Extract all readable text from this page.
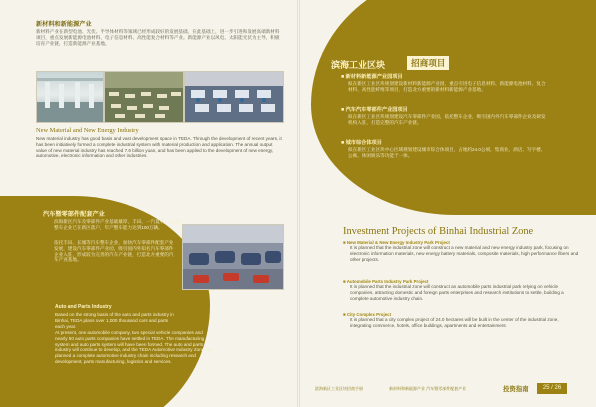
新材料和新能源产业

新材料产业在新型电池、光伏、半导体材料等领域已经形成较好的发展基础，在此基础上，进一步引进和发展高端新材料项目，重点发展新能源电池材料、电子信息材料、高性能复合材料等产业。新能源产业以风电、太阳能光伏为主导，积极培育产业链，打造新能源产业基地。

New Material and New Energy Industry

New material industry has good basis and vast development space in TEDA. Through the development of recent years, it has been initiatively formed a complete industrial system with material production and application. The annual output value of new material industry has reached 7.6 billion yuan, and has been applied to the development of new energy, automotive, electronic information and other industries.

汽车暨零部件配套产业

滨海新区汽车及零部件产业基础雄厚，丰田、一汽夏利、长城等整车企业已在新区落户，年产整车能力达到100万辆。

依托丰田、长城等汽车整车企业，加快汽车零部件配套产业发展，建设汽车零部件产业园，吸引国内外知名汽车零部件企业入驻，形成较为完善的汽车产业链，打造北方重要的汽车产业基地。

Auto and Parts Industry

Based on the strong basis of the auto and parts industry in Binhai, TEDA plans over 1,000 thousand cars and parts each year.

At present, one automobile company, two special vehicle companies and nearly 50 auto parts companies have settled in TEDA. The manufacturing system and auto parts system will have been formed. The auto and parts industry will continue to develop, and the TEDA Automotive Industry Zone has planned a complete automotive industry chain including research and development, parts manufacturing, logistics and services.

滨海工业区块	招商项目

■ 新材料新能源产业园项目

拟在新区工业区块规划建设新材料新能源产业园，重点引进电子信息材料、新能源电池材料、复合材料、高性能纤维等项目，打造北方重要的新材料新能源产业基地。

■ 汽车汽车零部件产业园项目

拟在新区工业区块规划建设汽车零部件产业园，依托整车企业，吸引国内外汽车零部件企业及研发机构入驻，打造完整的汽车产业链。

■ 城市综合体项目

拟在新区工业区块中心区域规划建设城市综合体项目，占地约24.0公顷，集商业、酒店、写字楼、公寓、休闲娱乐等功能于一体。

Investment Projects of Binhai Industrial Zone

■ New Material & New Energy Industry Park Project

It is planned that the industrial zone will construct a new material and new energy industry park, focusing on electronic information materials, new energy battery materials, composite materials, high performance fibers and other projects.

■ Automobile Parts Industry Park Project

It is planned that the industrial zone will construct an automobile parts industrial park relying on vehicle companies, attracting domestic and foreign parts enterprises and research institutions to settle, building a complete automotive industry chain.

■ City Complex Project

It is planned that a city complex project of 24.0 hectares will be built in the center of the industrial zone, integrating commerce, hotels, office buildings, apartments and entertainment.

滨海新区工业区块招商手册	新材料和新能源产业 汽车暨零部件配套产业	投资指南	25 / 26
